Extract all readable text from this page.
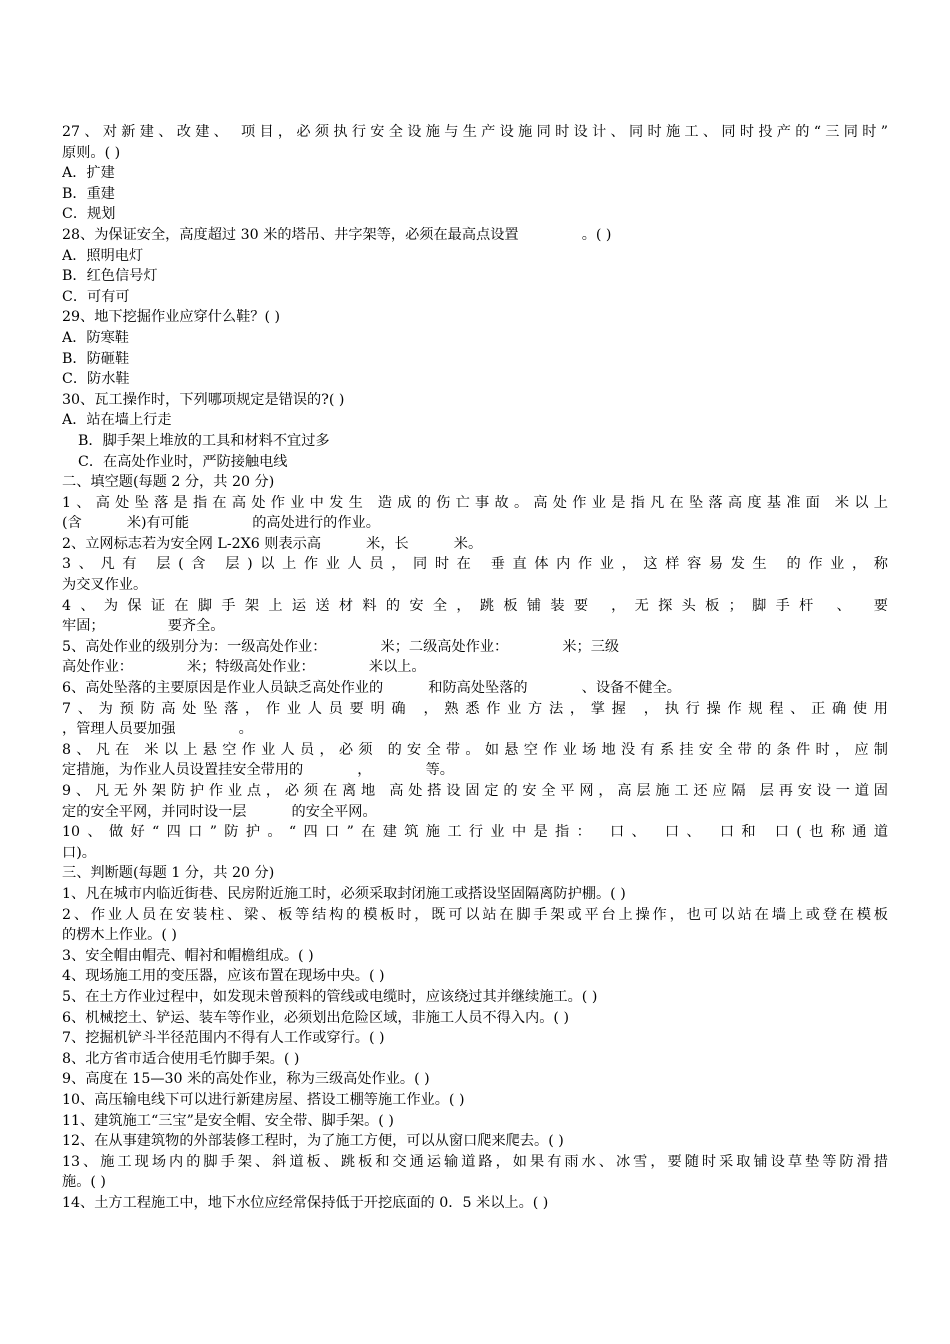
27、对新建、改建、 项目，必须执行安全设施与生产设施同时设计、同时施工、同时投产的“三同时”
原则。( )
A．扩建
B．重建
C．规划
28、为保证安全，高度超过 30 米的塔吊、井字架等，必须在最高点设置              。( )
A．照明电灯
B．红色信号灯
C．可有可
29、地下挖掘作业应穿什么鞋？( )
A．防寒鞋
B．防砸鞋
C．防水鞋
30、瓦工操作时，下列哪项规定是错误的?( )
A．站在墙上行走
B．脚手架上堆放的工具和材料不宜过多
C．在高处作业时，严防接触电线
二、填空题(每题 2 分，共 20 分)
1、高处坠落是指在高处作业中发生 造成的伤亡事故。高处作业是指凡在坠落高度基准面 米以上
(含          米)有可能              的高处进行的作业。
2、立网标志若为安全网 L-2X6 则表示高          米，长          米。
3、凡有 层(含 层)以上作业人员，同时在 垂直体内作业，这样容易发生 的作业，称
为交叉作业。
4、为保证在脚手架上运送材料的安全，跳板铺装要 ，无探头板；脚手杆 、 要
牢固；              要齐全。
5、高处作业的级别分为：一级高处作业：            米；二级高处作业：            米；三级
高处作业：            米；特级高处作业：            米以上。
6、高处坠落的主要原因是作业人员缺乏高处作业的          和防高处坠落的            、设备不健全。
7、为预防高处坠落，作业人员要明确 ，熟悉作业方法，掌握 ，执行操作规程、正确使用
，管理人员要加强              。
8、凡在 米以上悬空作业人员，必须 的安全带。如悬空作业场地没有系挂安全带的条件时，应制
定措施，为作业人员设置挂安全带用的            ，            等。
9、凡无外架防护作业点，必须在离地 高处搭设固定的安全平网，高层施工还应隔 层再安设一道固
定的安全平网，并同时设一层          的安全平网。
10、做好“四口”防护。“四口”在建筑施工行业中是指： 口、 口、 口和 口(也称通道
口)。
三、判断题(每题 1 分，共 20 分)
1、凡在城市内临近街巷、民房附近施工时，必须采取封闭施工或搭设坚固隔离防护棚。( )
2、作业人员在安装柱、梁、板等结构的模板时，既可以站在脚手架或平台上操作，也可以站在墙上或登在模板
的楞木上作业。( )
3、安全帽由帽壳、帽衬和帽檐组成。( )
4、现场施工用的变压器，应该布置在现场中央。( )
5、在土方作业过程中，如发现未曾预料的管线或电缆时，应该绕过其并继续施工。( )
6、机械挖土、铲运、装车等作业，必须划出危险区域，非施工人员不得入内。( )
7、挖掘机铲斗半径范围内不得有人工作或穿行。( )
8、北方省市适合使用毛竹脚手架。( )
9、高度在 15—30 米的高处作业，称为三级高处作业。( )
10、高压输电线下可以进行新建房屋、搭设工棚等施工作业。( )
11、建筑施工“三宝”是安全帽、安全带、脚手架。( )
12、在从事建筑物的外部装修工程时，为了施工方便，可以从窗口爬来爬去。( )
13、施工现场内的脚手架、斜道板、跳板和交通运输道路，如果有雨水、冰雪，要随时采取铺设草垫等防滑措
施。( )
14、土方工程施工中，地下水位应经常保持低于开挖底面的 0．5 米以上。( )
